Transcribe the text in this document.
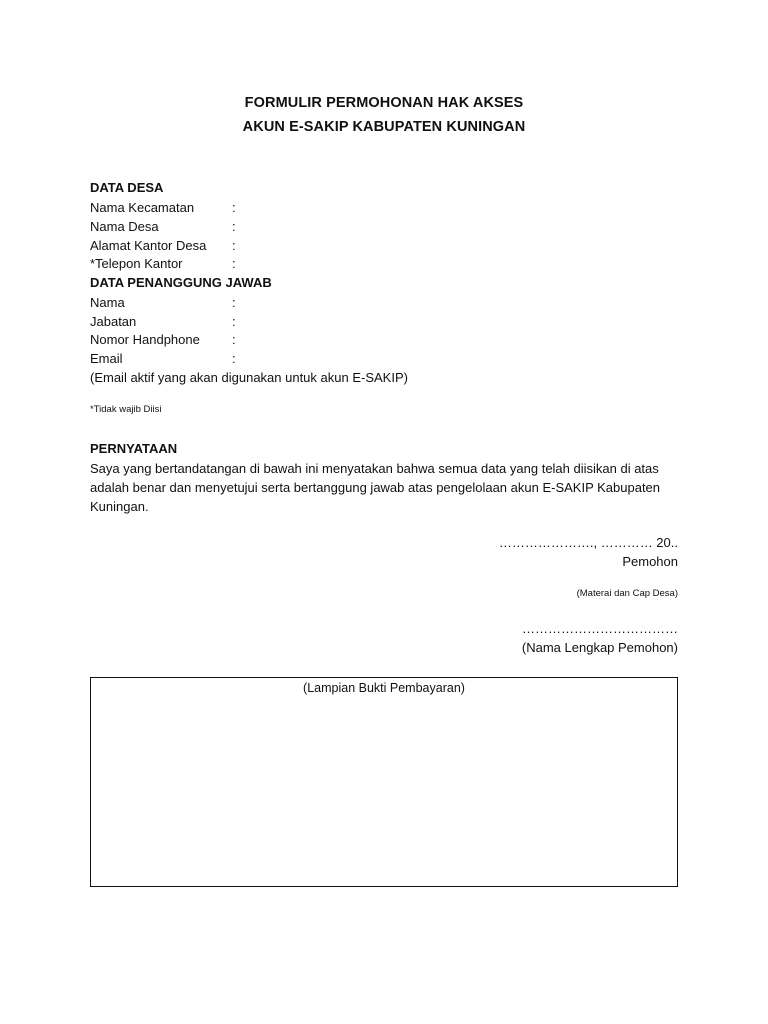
FORMULIR PERMOHONAN HAK AKSES
AKUN E-SAKIP KABUPATEN KUNINGAN
DATA DESA
Nama Kecamatan	:
Nama Desa	:
Alamat Kantor Desa :
*Telepon Kantor	:
DATA PENANGGUNG JAWAB
Nama	:
Jabatan	:
Nomor Handphone :
Email	:
(Email aktif yang akan digunakan untuk akun E-SAKIP)
*Tidak wajib Diisi
PERNYATAAN
Saya yang bertandatangan di bawah ini menyatakan bahwa semua data yang telah diisikan di atas adalah benar dan menyetujui serta bertanggung jawab atas pengelolaan akun E-SAKIP Kabupaten Kuningan.
…………………., ………… 20..
Pemohon
(Materai dan Cap Desa)
………………………………
(Nama Lengkap Pemohon)
(Lampian Bukti Pembayaran)
